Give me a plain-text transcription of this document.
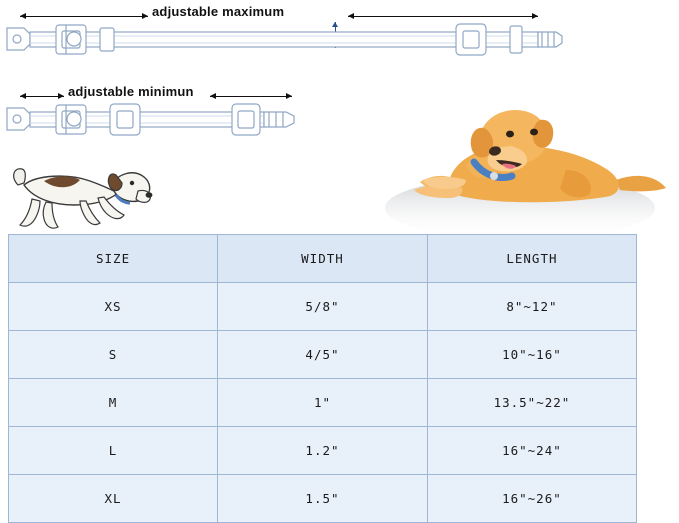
adjustable maximum
adjustable minimun
SIZE	WIDTH	LENGTH
XS	5/8"	8"~12"
S	4/5"	10"~16"
M	1"	13.5"~22"
L	1.2"	16"~24"
XL	1.5"	16"~26"
